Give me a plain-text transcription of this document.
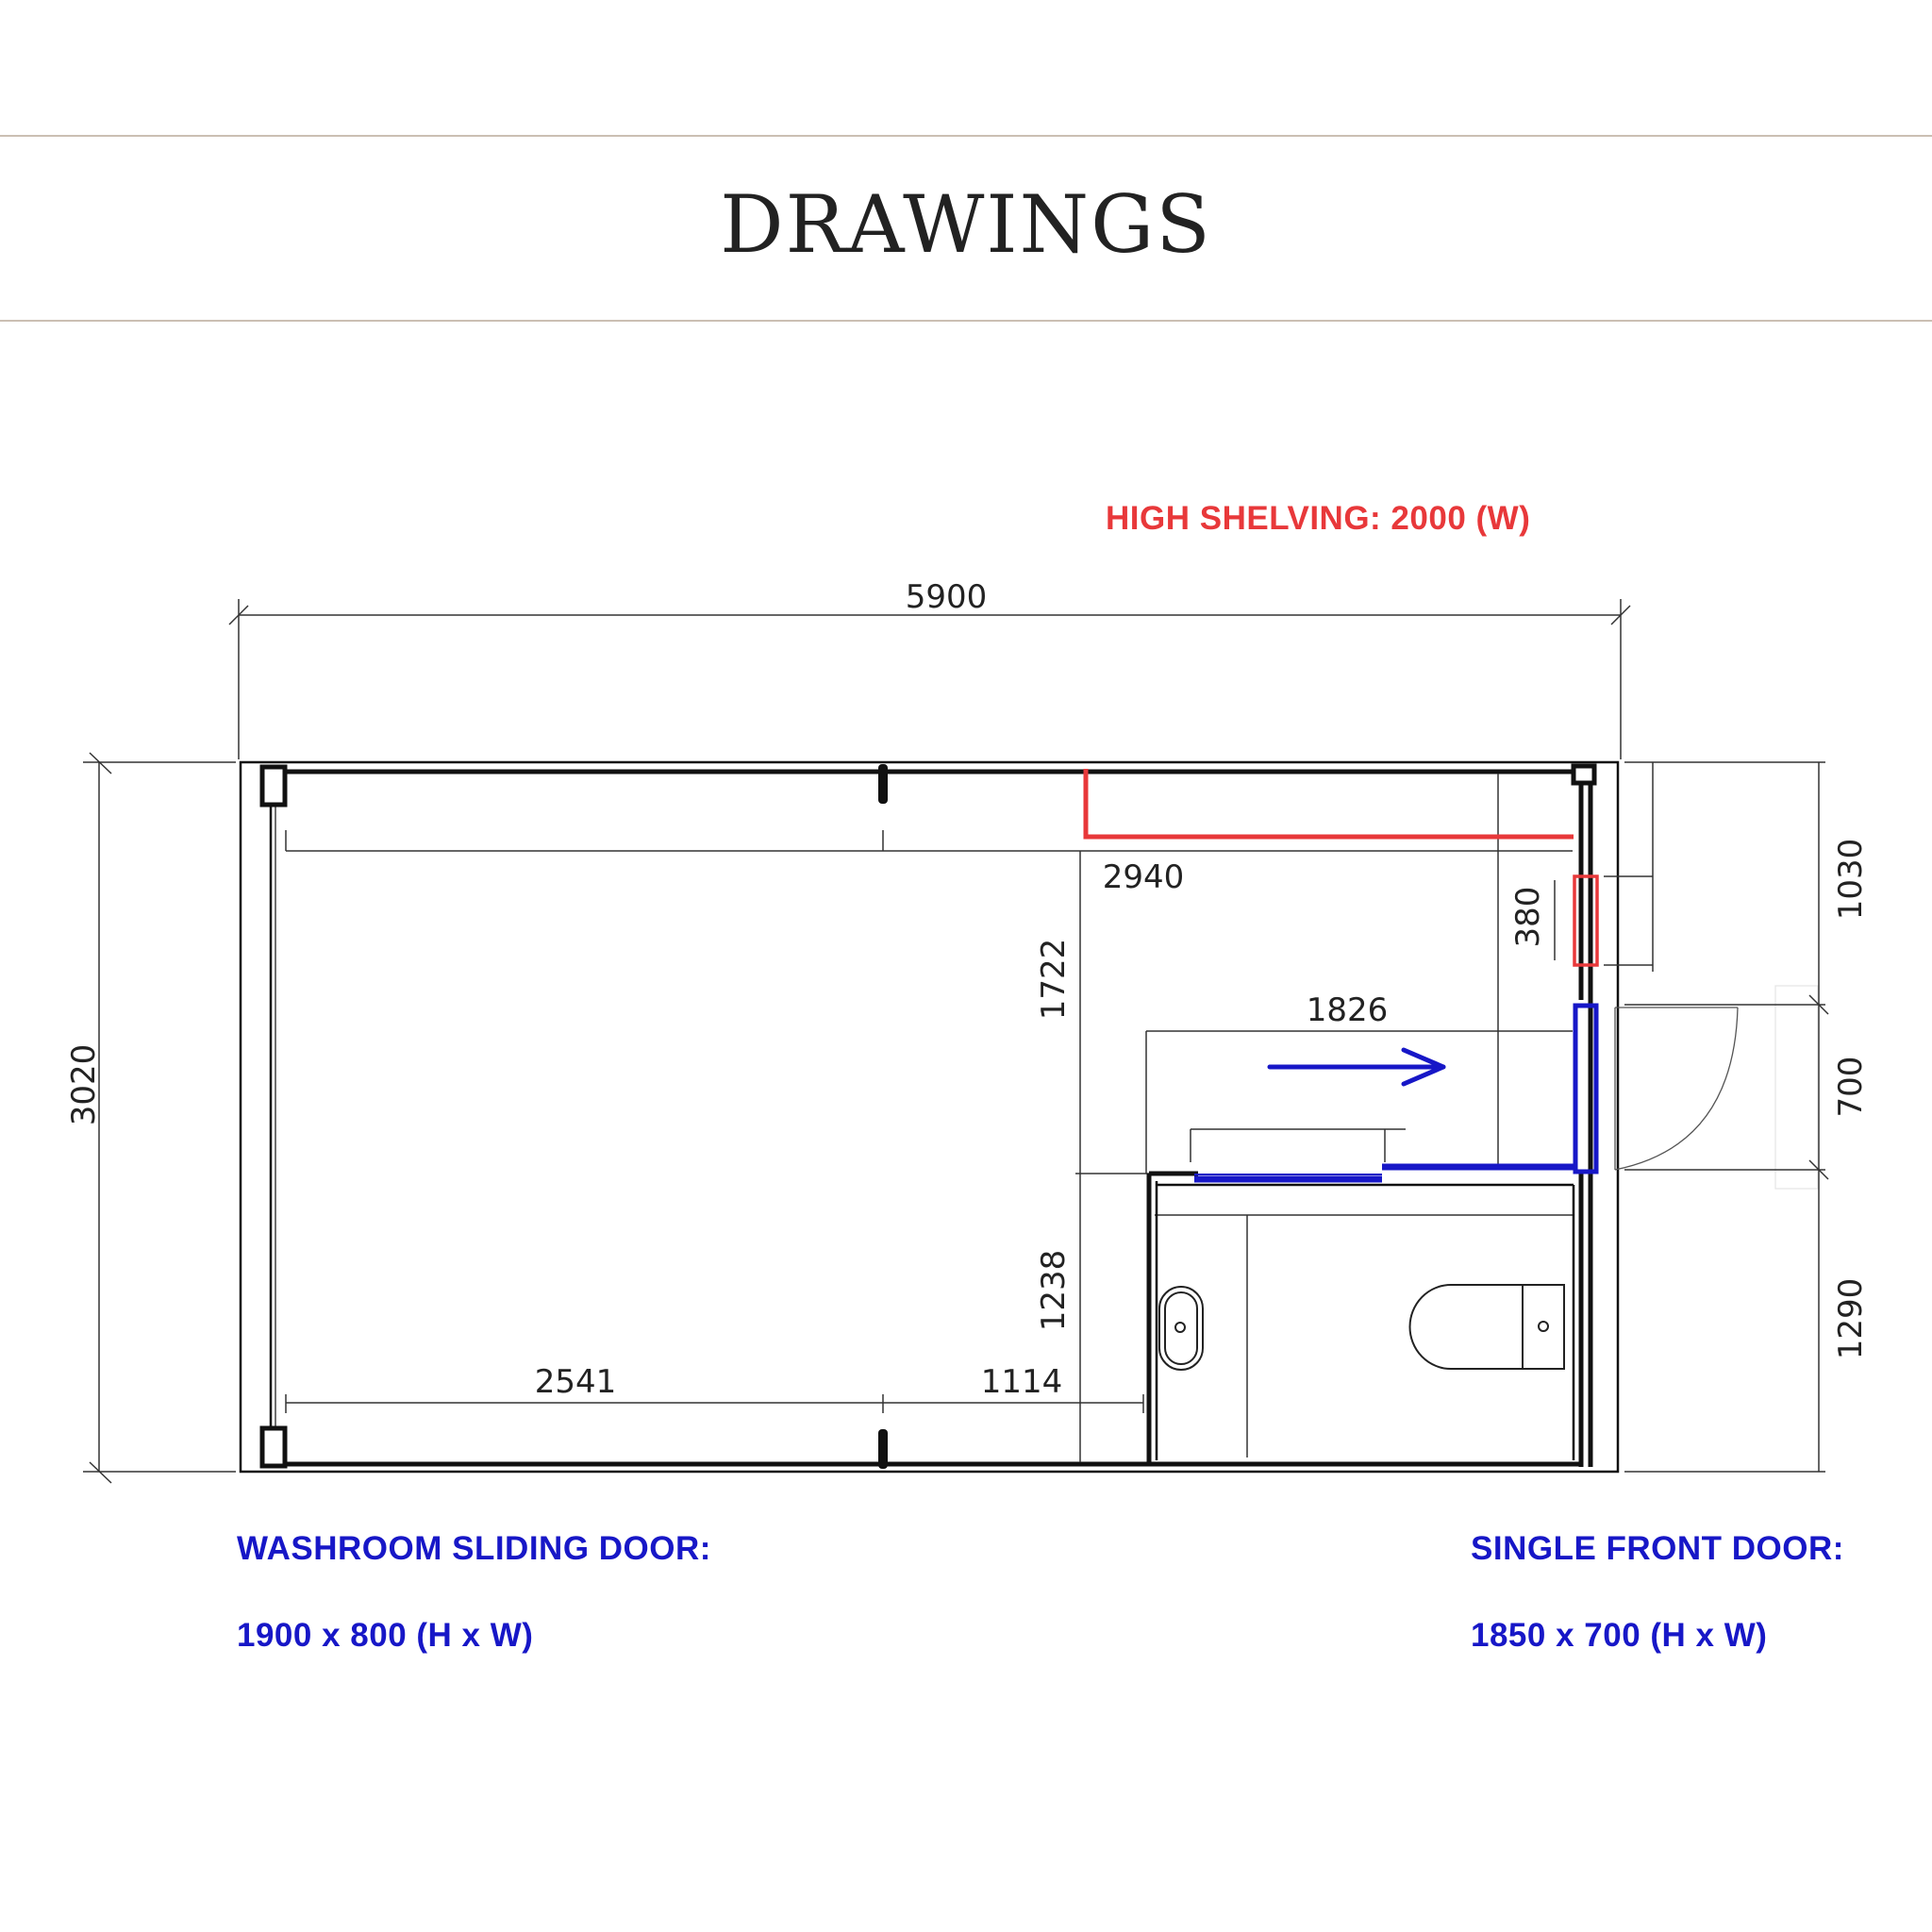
DRAWINGS
HIGH SHELVING: 2000 (W)
5900
3020
2940
380
1722
1238
1826
2541	1114
1030
700
1290
WASHROOM SLIDING DOOR:
1900 x 800 (H x W)
SINGLE FRONT DOOR:
1850 x 700 (H x W)
